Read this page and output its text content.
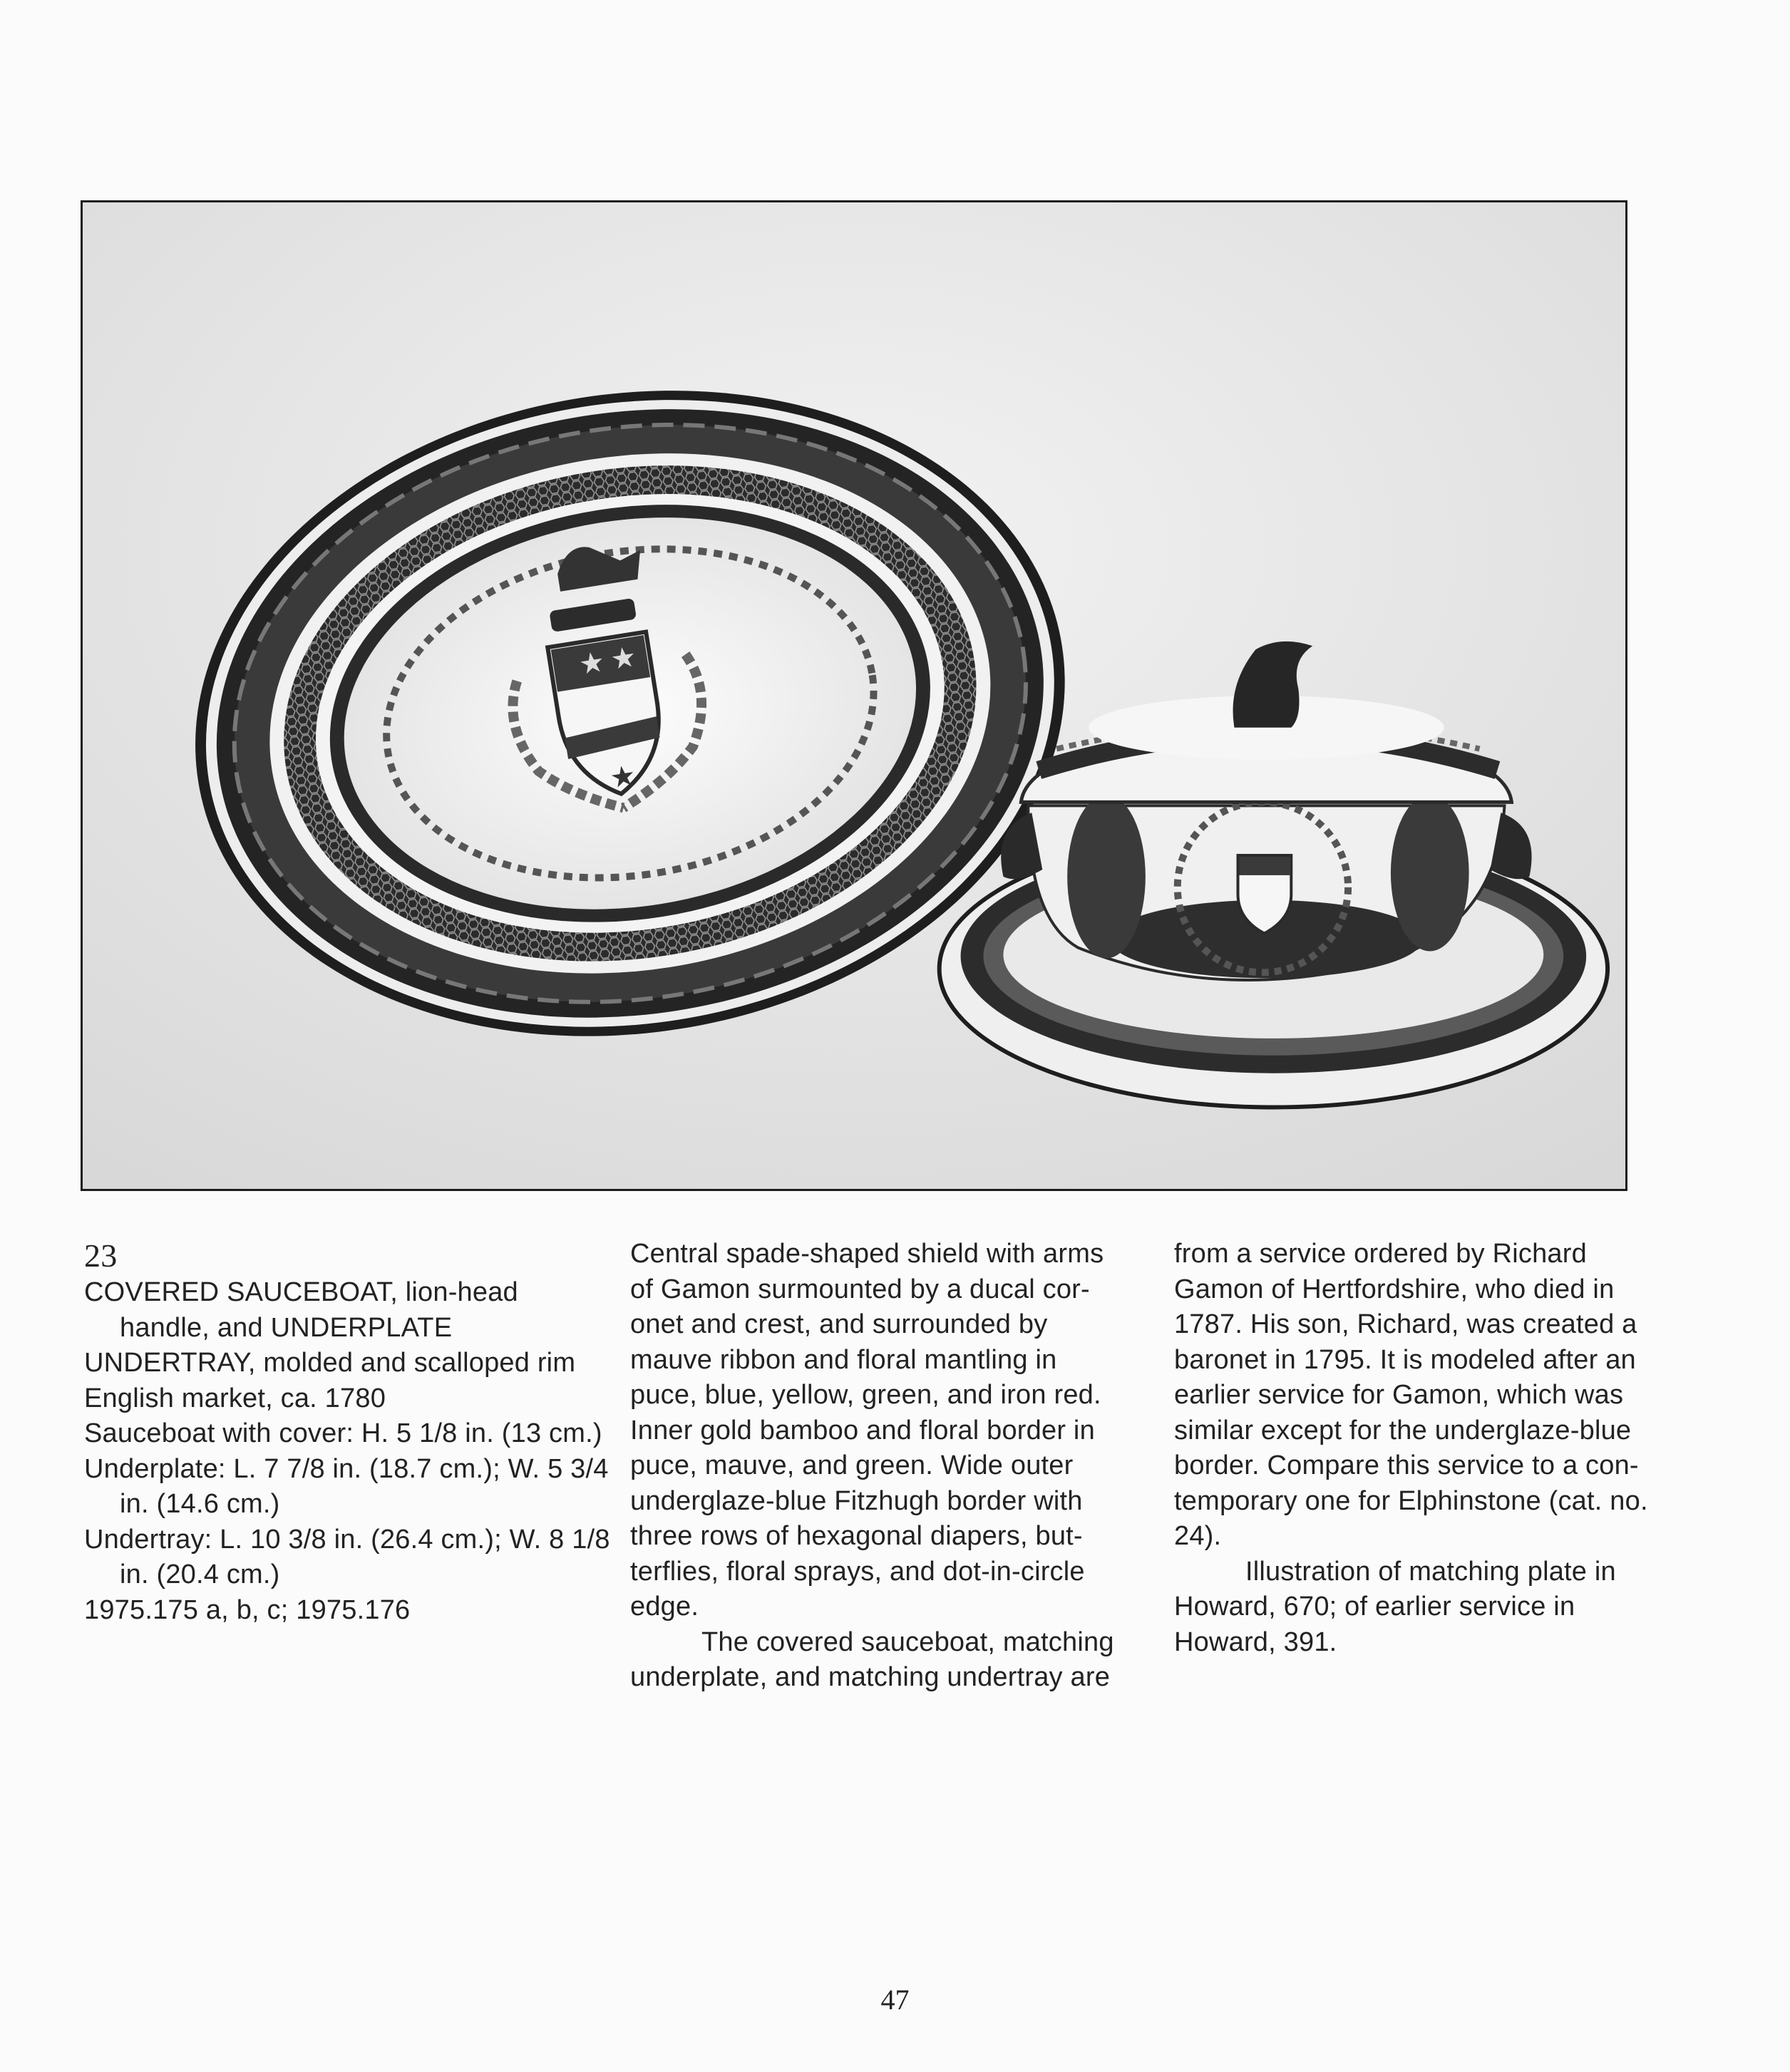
★ ★
★
23
COVERED SAUCEBOAT, lion-head
handle, and UNDERPLATE
UNDERTRAY, molded and scalloped rim
English market, ca. 1780
Sauceboat with cover: H. 5 1/8 in. (13 cm.)
Underplate: L. 7 7/8 in. (18.7 cm.); W. 5 3/4
in. (14.6 cm.)
Undertray: L. 10 3/8 in. (26.4 cm.); W. 8 1/8
in. (20.4 cm.)
1975.175 a, b, c; 1975.176
Central spade-shaped shield with arms
of Gamon surmounted by a ducal cor-
onet and crest, and surrounded by
mauve ribbon and floral mantling in
puce, blue, yellow, green, and iron red.
Inner gold bamboo and floral border in
puce, mauve, and green. Wide outer
underglaze-blue Fitzhugh border with
three rows of hexagonal diapers, but-
terflies, floral sprays, and dot-in-circle
edge.
The covered sauceboat, matching
underplate, and matching undertray are
from a service ordered by Richard
Gamon of Hertfordshire, who died in
1787. His son, Richard, was created a
baronet in 1795. It is modeled after an
earlier service for Gamon, which was
similar except for the underglaze-blue
border. Compare this service to a con-
temporary one for Elphinstone (cat. no.
24).
Illustration of matching plate in
Howard, 670; of earlier service in
Howard, 391.
47
